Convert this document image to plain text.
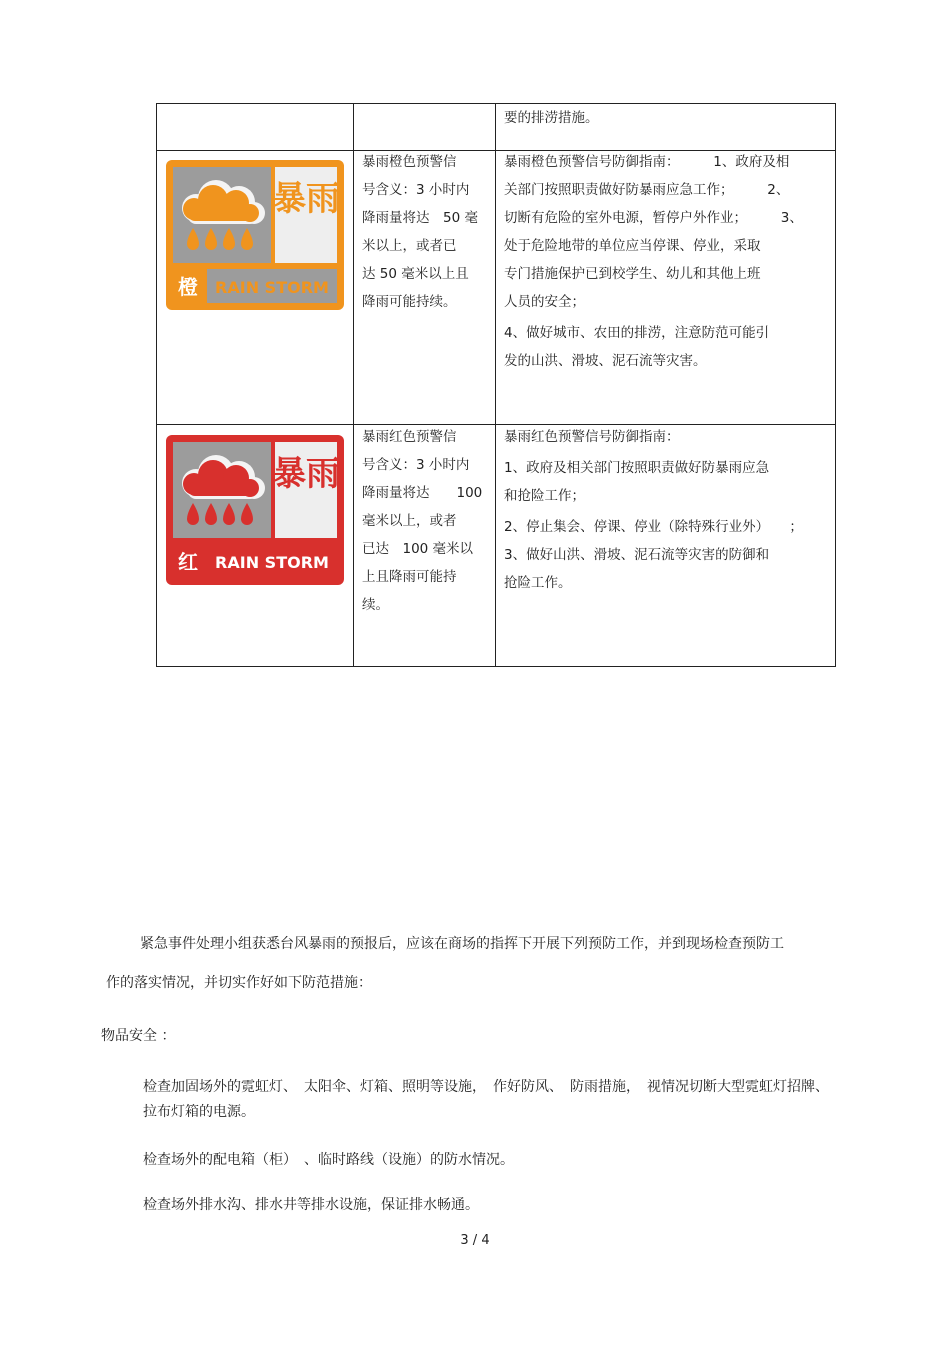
要的排涝措施。

暴雨
橙 RAIN STORM

暴雨橙色预警信

号含义：3 小时内

降雨量将达　50 毫

米以上，或者已

达 50 毫米以上且

降雨可能持续。

暴雨橙色预警信号防御指南：　　　1、政府及相

关部门按照职责做好防暴雨应急工作；　　　2、

切断有危险的室外电源，暂停户外作业；　　　3、

处于危险地带的单位应当停课、停业，采取

专门措施保护已到校学生、幼儿和其他上班

人员的安全；

4、做好城市、农田的排涝，注意防范可能引

发的山洪、滑坡、泥石流等灾害。

暴雨
红 RAIN STORM

暴雨红色预警信

号含义：3 小时内

降雨量将达　　100

毫米以上，或者

已达　100 毫米以

上且降雨可能持

续。

暴雨红色预警信号防御指南：

1、政府及相关部门按照职责做好防暴雨应急

和抢险工作；

2、停止集会、停课、停业（除特殊行业外）　　；

3、做好山洪、滑坡、泥石流等灾害的防御和

抢险工作。

紧急事件处理小组获悉台风暴雨的预报后，应该在商场的指挥下开展下列预防工作，并到现场检查预防工

作的落实情况，并切实作好如下防范措施：

物品安全 ：

检查加固场外的霓虹灯、　太阳伞、灯箱、照明等设施，　作好防风、　防雨措施，　视情况切断大型霓虹灯招牌、

拉布灯箱的电源。

检查场外的配电箱（柜）　、临时路线（设施）的防水情况。

检查场外排水沟、排水井等排水设施，保证排水畅通。

3 / 4
